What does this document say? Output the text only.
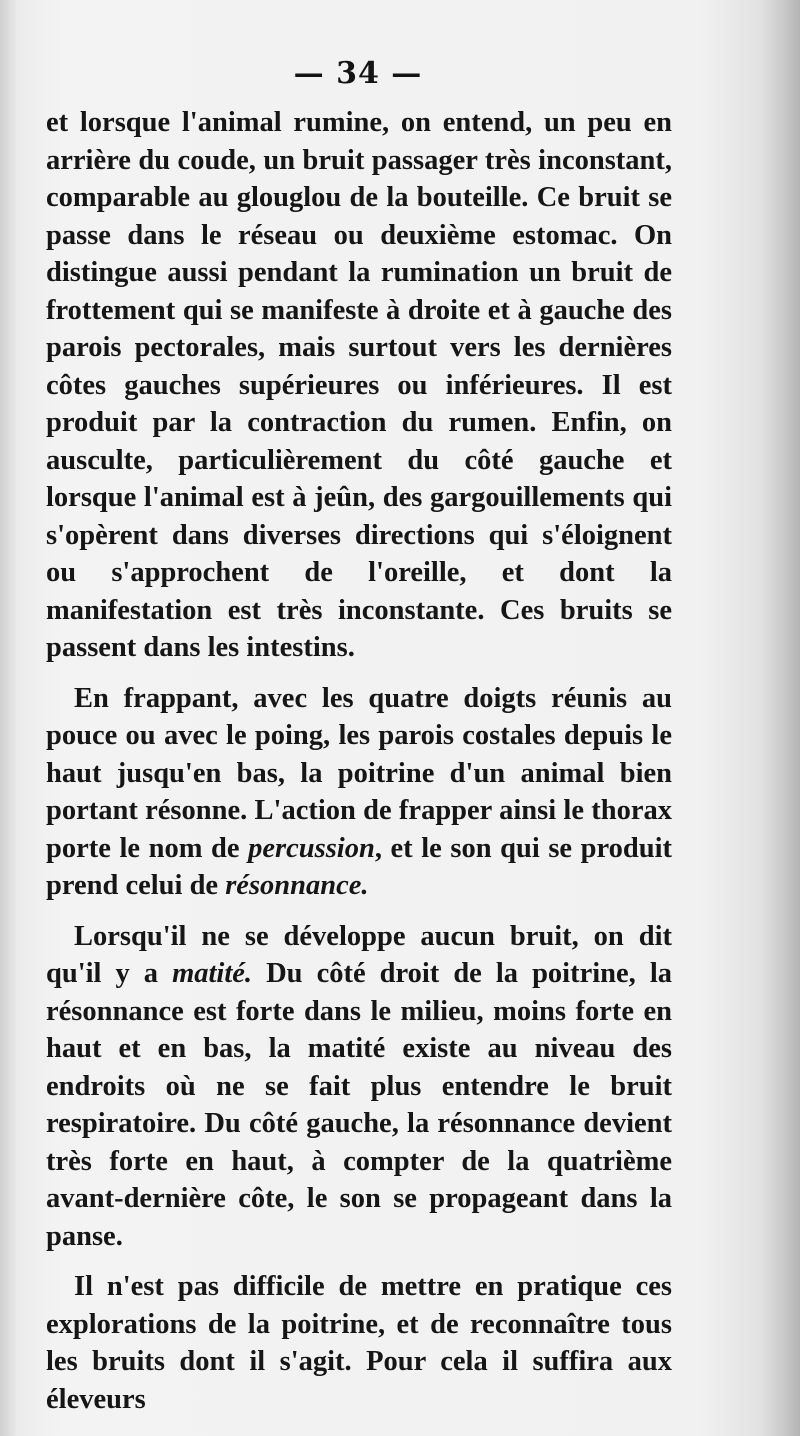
— 34 —

et lorsque l'animal rumine, on entend, un peu en arrière du coude, un bruit passager très inconstant, comparable au glouglou de la bouteille. Ce bruit se passe dans le réseau ou deuxième estomac. On distingue aussi pendant la rumination un bruit de frottement qui se manifeste à droite et à gauche des parois pectorales, mais surtout vers les dernières côtes gauches supérieures ou inférieures. Il est produit par la contraction du rumen. Enfin, on ausculte, particulièrement du côté gauche et lorsque l'animal est à jeûn, des gargouillements qui s'opèrent dans diverses directions qui s'éloignent ou s'approchent de l'oreille, et dont la manifestation est très inconstante. Ces bruits se passent dans les intestins.

En frappant, avec les quatre doigts réunis au pouce ou avec le poing, les parois costales depuis le haut jusqu'en bas, la poitrine d'un animal bien portant résonne. L'action de frapper ainsi le thorax porte le nom de percussion, et le son qui se produit prend celui de résonnance.

Lorsqu'il ne se développe aucun bruit, on dit qu'il y a matité. Du côté droit de la poitrine, la résonnance est forte dans le milieu, moins forte en haut et en bas, la matité existe au niveau des endroits où ne se fait plus entendre le bruit respiratoire. Du côté gauche, la résonnance devient très forte en haut, à compter de la quatrième avant-dernière côte, le son se propageant dans la panse.

Il n'est pas difficile de mettre en pratique ces explorations de la poitrine, et de reconnaître tous les bruits dont il s'agit. Pour cela il suffira aux éleveurs
